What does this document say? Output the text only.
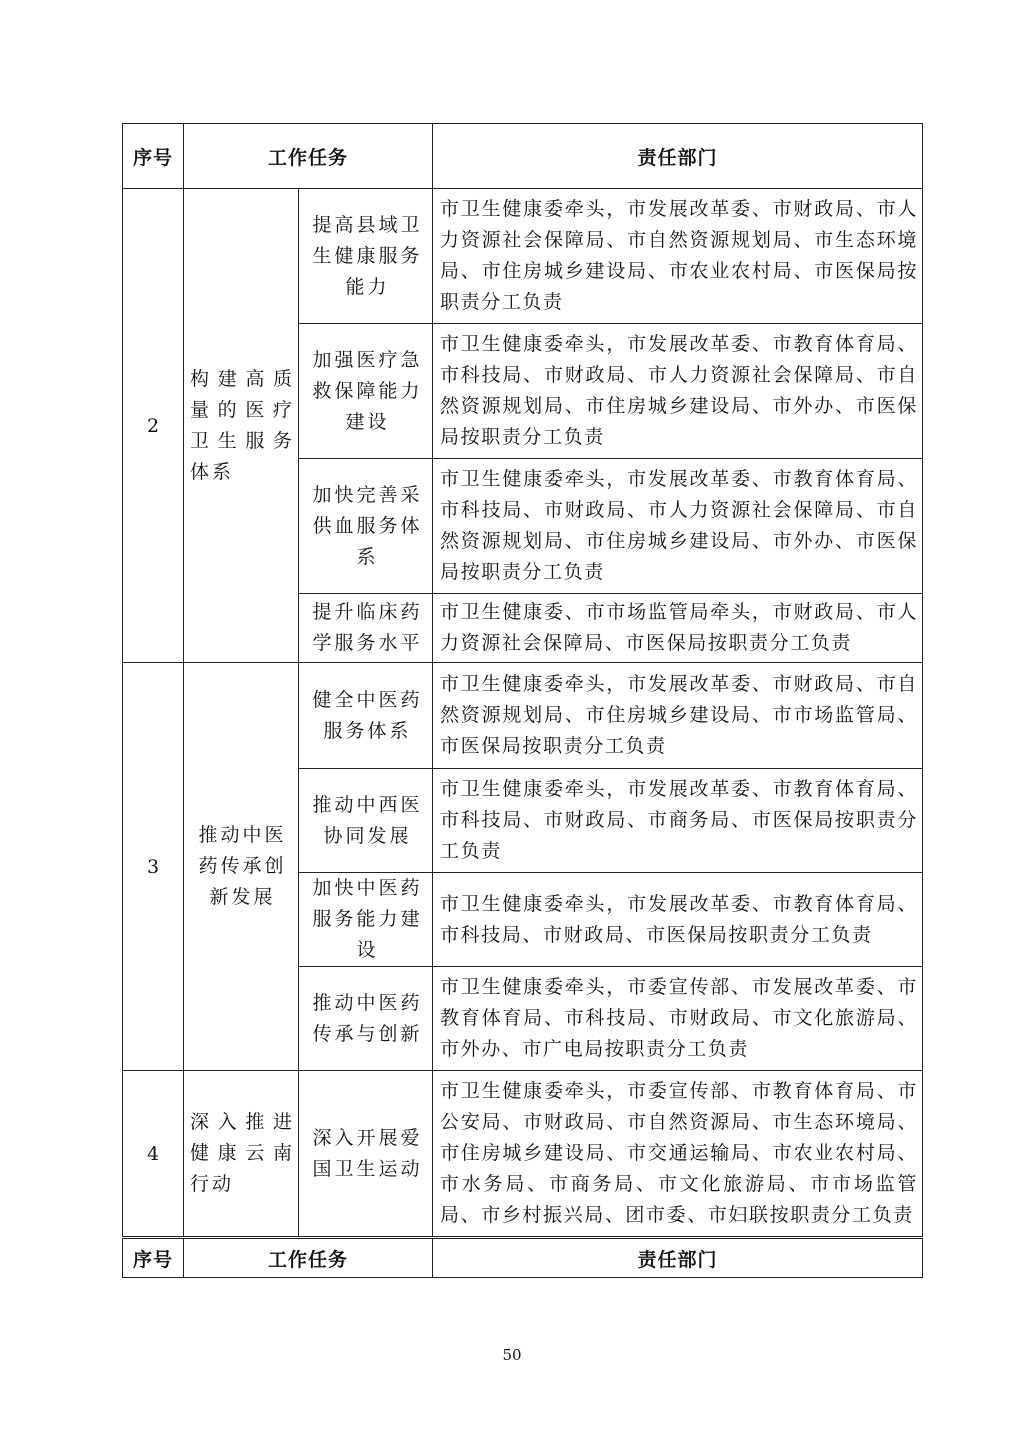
序号	工作任务		责任部门
2	构建高质量的医疗卫生服务体系	提高县域卫生健康服务能力	市卫生健康委牵头，市发展改革委、市财政局、市人力资源社会保障局、市自然资源规划局、市生态环境局、市住房城乡建设局、市农业农村局、市医保局按职责分工负责
		加强医疗急救保障能力建设	市卫生健康委牵头，市发展改革委、市教育体育局、市科技局、市财政局、市人力资源社会保障局、市自然资源规划局、市住房城乡建设局、市外办、市医保局按职责分工负责
		加快完善采供血服务体系	市卫生健康委牵头，市发展改革委、市教育体育局、市科技局、市财政局、市人力资源社会保障局、市自然资源规划局、市住房城乡建设局、市外办、市医保局按职责分工负责
		提升临床药学服务水平	市卫生健康委、市市场监管局牵头，市财政局、市人力资源社会保障局、市医保局按职责分工负责
3	推动中医药传承创新发展	健全中医药服务体系	市卫生健康委牵头，市发展改革委、市财政局、市自然资源规划局、市住房城乡建设局、市市场监管局、市医保局按职责分工负责
		推动中西医协同发展	市卫生健康委牵头，市发展改革委、市教育体育局、市科技局、市财政局、市商务局、市医保局按职责分工负责
		加快中医药服务能力建设	市卫生健康委牵头，市发展改革委、市教育体育局、市科技局、市财政局、市医保局按职责分工负责
		推动中医药传承与创新	市卫生健康委牵头，市委宣传部、市发展改革委、市教育体育局、市科技局、市财政局、市文化旅游局、市外办、市广电局按职责分工负责
4	深入推进健康云南行动	深入开展爱国卫生运动	市卫生健康委牵头，市委宣传部、市教育体育局、市公安局、市财政局、市自然资源局、市生态环境局、市住房城乡建设局、市交通运输局、市农业农村局、市水务局、市商务局、市文化旅游局、市市场监管局、市乡村振兴局、团市委、市妇联按职责分工负责
序号	工作任务		责任部门
50
